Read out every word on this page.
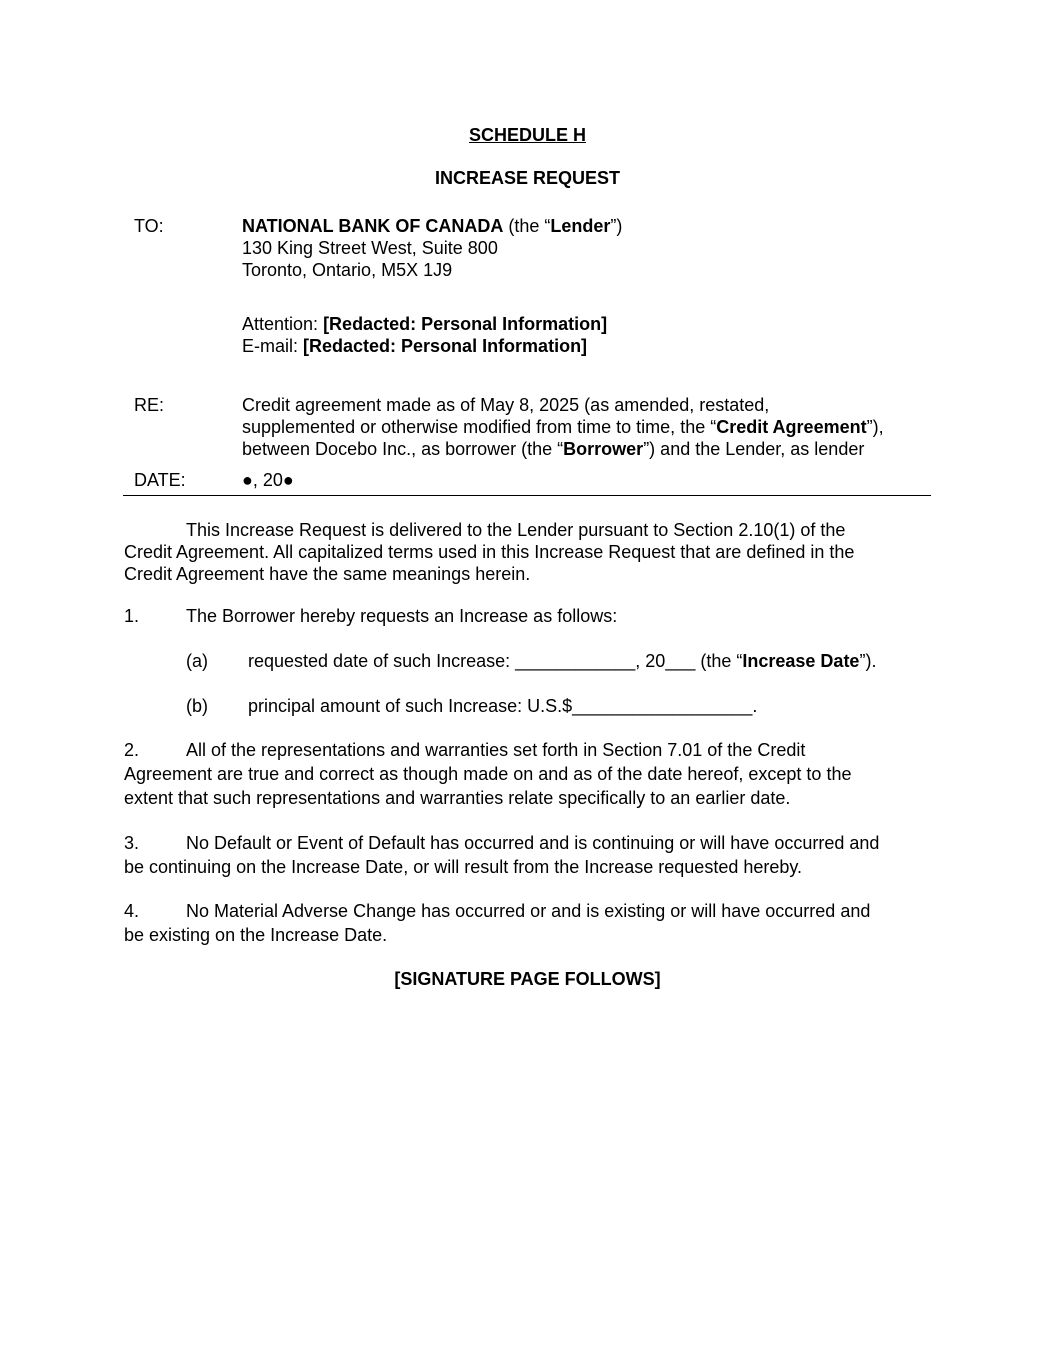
SCHEDULE H
INCREASE REQUEST
TO:	NATIONAL BANK OF CANADA (the “Lender”)
130 King Street West, Suite 800
Toronto, Ontario, M5X 1J9
Attention: [Redacted: Personal Information]
E-mail: [Redacted: Personal Information]
RE:	Credit agreement made as of May 8, 2025 (as amended, restated,
supplemented or otherwise modified from time to time, the “Credit Agreement”),
between Docebo Inc., as borrower (the “Borrower”) and the Lender, as lender
DATE:	●, 20●
This Increase Request is delivered to the Lender pursuant to Section 2.10(1) of the
Credit Agreement. All capitalized terms used in this Increase Request that are defined in the
Credit Agreement have the same meanings herein.
1.	The Borrower hereby requests an Increase as follows:
(a) requested date of such Increase: ____________, 20___ (the “Increase Date”).
(b) principal amount of such Increase: U.S.$__________________.
2.	All of the representations and warranties set forth in Section 7.01 of the Credit
Agreement are true and correct as though made on and as of the date hereof, except to the
extent that such representations and warranties relate specifically to an earlier date.
3.	No Default or Event of Default has occurred and is continuing or will have occurred and
be continuing on the Increase Date, or will result from the Increase requested hereby.
4.	No Material Adverse Change has occurred or and is existing or will have occurred and
be existing on the Increase Date.
[SIGNATURE PAGE FOLLOWS]
